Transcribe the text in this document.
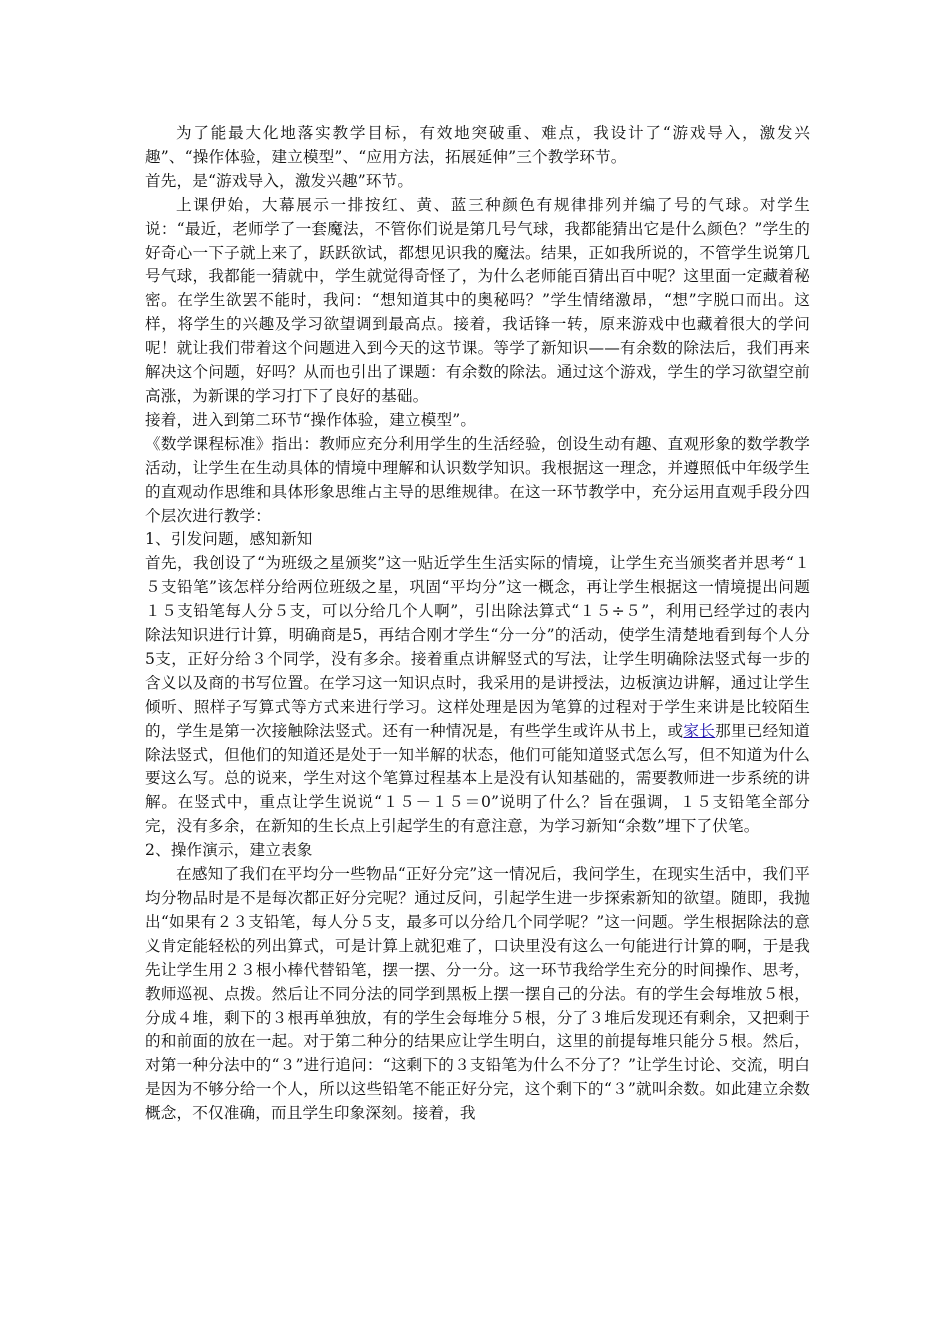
为了能最大化地落实教学目标，有效地突破重、难点，我设计了“游戏导入，激发兴趣”、“操作体验，建立模型”、“应用方法，拓展延伸”三个教学环节。
首先，是“游戏导入，激发兴趣”环节。
上课伊始，大幕展示一排按红、黄、蓝三种颜色有规律排列并编了号的气球。对学生说：“最近，老师学了一套魔法，不管你们说是第几号气球，我都能猜出它是什么颜色？”学生的好奇心一下子就上来了，跃跃欲试，都想见识我的魔法。结果，正如我所说的，不管学生说第几号气球，我都能一猜就中，学生就觉得奇怪了，为什么老师能百猜出百中呢？这里面一定藏着秘密。在学生欲罢不能时，我问：“想知道其中的奥秘吗？”学生情绪激昂，“想”字脱口而出。这样，将学生的兴趣及学习欲望调到最高点。接着，我话锋一转，原来游戏中也藏着很大的学问呢！就让我们带着这个问题进入到今天的这节课。等学了新知识——有余数的除法后，我们再来解决这个问题，好吗？从而也引出了课题：有余数的除法。通过这个游戏，学生的学习欲望空前高涨，为新课的学习打下了良好的基础。
接着，进入到第二环节“操作体验，建立模型”。
《数学课程标准》指出：教师应充分利用学生的生活经验，创设生动有趣、直观形象的数学教学活动，让学生在生动具体的情境中理解和认识数学知识。我根据这一理念，并遵照低中年级学生的直观动作思维和具体形象思维占主导的思维规律。在这一环节教学中，充分运用直观手段分四个层次进行教学：
1、引发问题，感知新知
首先，我创设了“为班级之星颁奖”这一贴近学生生活实际的情境，让学生充当颁奖者并思考“１５支铅笔”该怎样分给两位班级之星，巩固“平均分”这一概念，再让学生根据这一情境提出问题１５支铅笔每人分５支，可以分给几个人啊”，引出除法算式“１５÷５”，利用已经学过的表内除法知识进行计算，明确商是5，再结合刚才学生“分一分”的活动，使学生清楚地看到每个人分5支，正好分给３个同学，没有多余。接着重点讲解竖式的写法，让学生明确除法竖式每一步的含义以及商的书写位置。在学习这一知识点时，我采用的是讲授法，边板演边讲解，通过让学生倾听、照样子写算式等方式来进行学习。这样处理是因为笔算的过程对于学生来讲是比较陌生的，学生是第一次接触除法竖式。还有一种情况是，有些学生或许从书上，或家长那里已经知道除法竖式，但他们的知道还是处于一知半解的状态，他们可能知道竖式怎么写，但不知道为什么要这么写。总的说来，学生对这个笔算过程基本上是没有认知基础的，需要教师进一步系统的讲解。在竖式中，重点让学生说说“１５－１５＝0”说明了什么？旨在强调，１５支铅笔全部分完，没有多余，在新知的生长点上引起学生的有意注意，为学习新知“余数”埋下了伏笔。
2、操作演示，建立表象
在感知了我们在平均分一些物品“正好分完”这一情况后，我问学生，在现实生活中，我们平均分物品时是不是每次都正好分完呢？通过反问，引起学生进一步探索新知的欲望。随即，我抛出“如果有２３支铅笔，每人分５支，最多可以分给几个同学呢？”这一问题。学生根据除法的意义肯定能轻松的列出算式，可是计算上就犯难了，口诀里没有这么一句能进行计算的啊，于是我先让学生用２３根小棒代替铅笔，摆一摆、分一分。这一环节我给学生充分的时间操作、思考，教师巡视、点拨。然后让不同分法的同学到黑板上摆一摆自己的分法。有的学生会每堆放５根，分成４堆，剩下的３根再单独放，有的学生会每堆分５根，分了３堆后发现还有剩余，又把剩于的和前面的放在一起。对于第二种分的结果应让学生明白，这里的前提每堆只能分５根。然后，对第一种分法中的“３”进行追问：“这剩下的３支铅笔为什么不分了？”让学生讨论、交流，明白是因为不够分给一个人，所以这些铅笔不能正好分完，这个剩下的“３”就叫余数。如此建立余数概念，不仅准确，而且学生印象深刻。接着，我
